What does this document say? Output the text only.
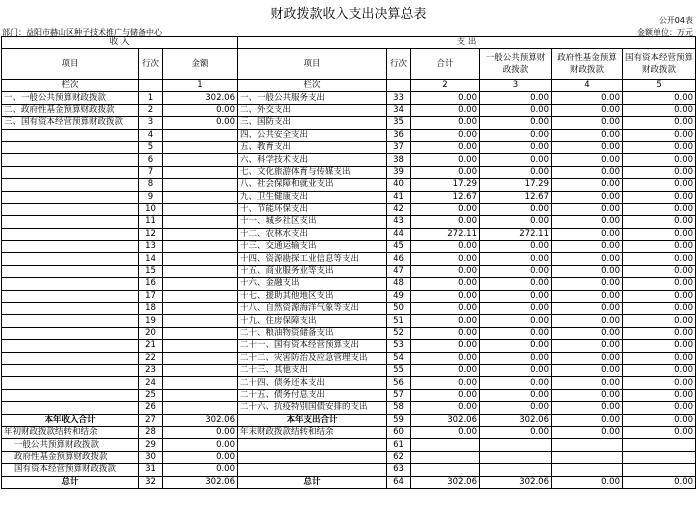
财政拨款收入支出决算总表	公开04表
部门：益阳市赫山区种子技术推广与储备中心	金额单位：万元
收 入			支 出					
项目	行次	金额	项目	行次	合计	一般公共预算财政拨款	政府性基金预算财政拨款	国有资本经营预算财政拨款
栏次		1	栏次		2	3	4	5
一、一般公共预算财政拨款	1	302.06	一、一般公共服务支出	33	0.00	0.00	0.00	0.00
二、政府性基金预算财政拨款	2	0.00	二、外交支出	34	0.00	0.00	0.00	0.00
三、国有资本经营预算财政拨款	3	0.00	三、国防支出	35	0.00	0.00	0.00	0.00
	4		四、公共安全支出	36	0.00	0.00	0.00	0.00
	5		五、教育支出	37	0.00	0.00	0.00	0.00
	6		六、科学技术支出	38	0.00	0.00	0.00	0.00
	7		七、文化旅游体育与传媒支出	39	0.00	0.00	0.00	0.00
	8		八、社会保障和就业支出	40	17.29	17.29	0.00	0.00
	9		九、卫生健康支出	41	12.67	12.67	0.00	0.00
	10		十、节能环保支出	42	0.00	0.00	0.00	0.00
	11		十一、城乡社区支出	43	0.00	0.00	0.00	0.00
	12		十二、农林水支出	44	272.11	272.11	0.00	0.00
	13		十三、交通运输支出	45	0.00	0.00	0.00	0.00
	14		十四、资源勘探工业信息等支出	46	0.00	0.00	0.00	0.00
	15		十五、商业服务业等支出	47	0.00	0.00	0.00	0.00
	16		十六、金融支出	48	0.00	0.00	0.00	0.00
	17		十七、援助其他地区支出	49	0.00	0.00	0.00	0.00
	18		十八、自然资源海洋气象等支出	50	0.00	0.00	0.00	0.00
	19		十九、住房保障支出	51	0.00	0.00	0.00	0.00
	20		二十、粮油物资储备支出	52	0.00	0.00	0.00	0.00
	21		二十一、国有资本经营预算支出	53	0.00	0.00	0.00	0.00
	22		二十二、灾害防治及应急管理支出	54	0.00	0.00	0.00	0.00
	23		二十三、其他支出	55	0.00	0.00	0.00	0.00
	24		二十四、债务还本支出	56	0.00	0.00	0.00	0.00
	25		二十五、债务付息支出	57	0.00	0.00	0.00	0.00
	26		二十六、抗疫特别国债安排的支出	58	0.00	0.00	0.00	0.00
本年收入合计	27	302.06	本年支出合计	59	302.06	302.06	0.00	0.00
年初财政拨款结转和结余	28	0.00	年末财政拨款结转和结余	60	0.00	0.00	0.00	0.00
一般公共预算财政拨款	29	0.00		61				
政府性基金预算财政拨款	30	0.00		62				
国有资本经营预算财政拨款	31	0.00		63				
总计	32	302.06	总计	64	302.06	302.06	0.00	0.00
